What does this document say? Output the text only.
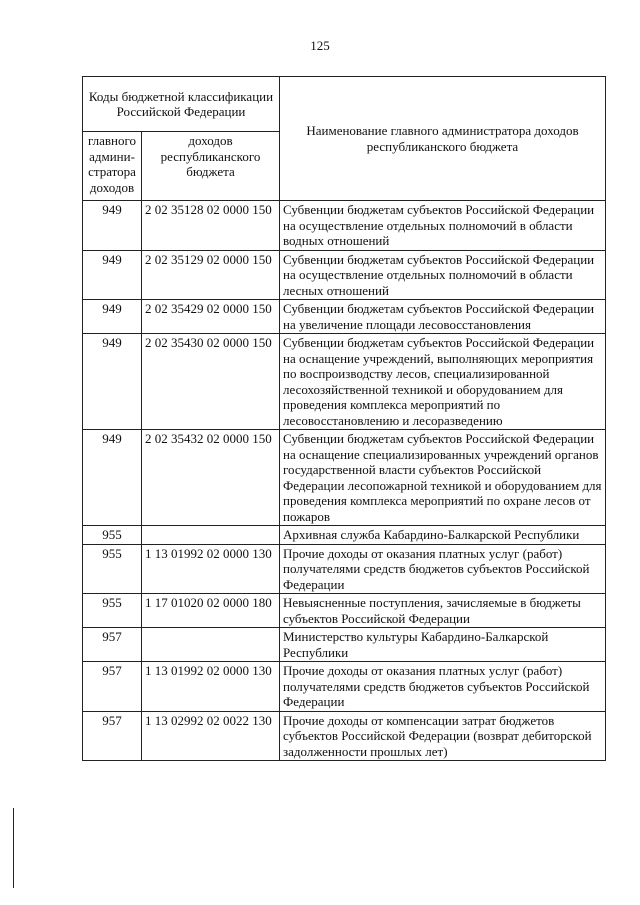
125
Коды бюджетной классификации Российской Федерации		Наименование главного администратора доходов республиканского бюджета
главного админи-стратора доходов	доходов республиканского бюджета	
949	2 02 35128 02 0000 150	Субвенции бюджетам субъектов Российской Федерации на осуществление отдельных полномочий в области водных отношений
949	2 02 35129 02 0000 150	Субвенции бюджетам субъектов Российской Федерации на осуществление отдельных полномочий в области лесных отношений
949	2 02 35429 02 0000 150	Субвенции бюджетам субъектов Российской Федерации на увеличение площади лесовосстановления
949	2 02 35430 02 0000 150	Субвенции бюджетам субъектов Российской Федерации на оснащение учреждений, выполняющих мероприятия по воспроизводству лесов, специализированной лесохозяйственной техникой и оборудованием для проведения комплекса мероприятий по лесовосстановлению и лесоразведению
949	2 02 35432 02 0000 150	Субвенции бюджетам субъектов Российской Федерации на оснащение специализированных учреждений органов государственной власти субъектов Российской Федерации лесопожарной техникой и оборудованием для проведения комплекса мероприятий по охране лесов от пожаров
955		Архивная служба Кабардино-Балкарской Республики
955	1 13 01992 02 0000 130	Прочие доходы от оказания платных услуг (работ) получателями средств бюджетов субъектов Российской Федерации
955	1 17 01020 02 0000 180	Невыясненные поступления, зачисляемые в бюджеты субъектов Российской Федерации
957		Министерство культуры Кабардино-Балкарской Республики
957	1 13 01992 02 0000 130	Прочие доходы от оказания платных услуг (работ) получателями средств бюджетов субъектов Российской Федерации
957	1 13 02992 02 0022 130	Прочие доходы от компенсации затрат бюджетов субъектов Российской Федерации (возврат дебиторской задолженности прошлых лет)
